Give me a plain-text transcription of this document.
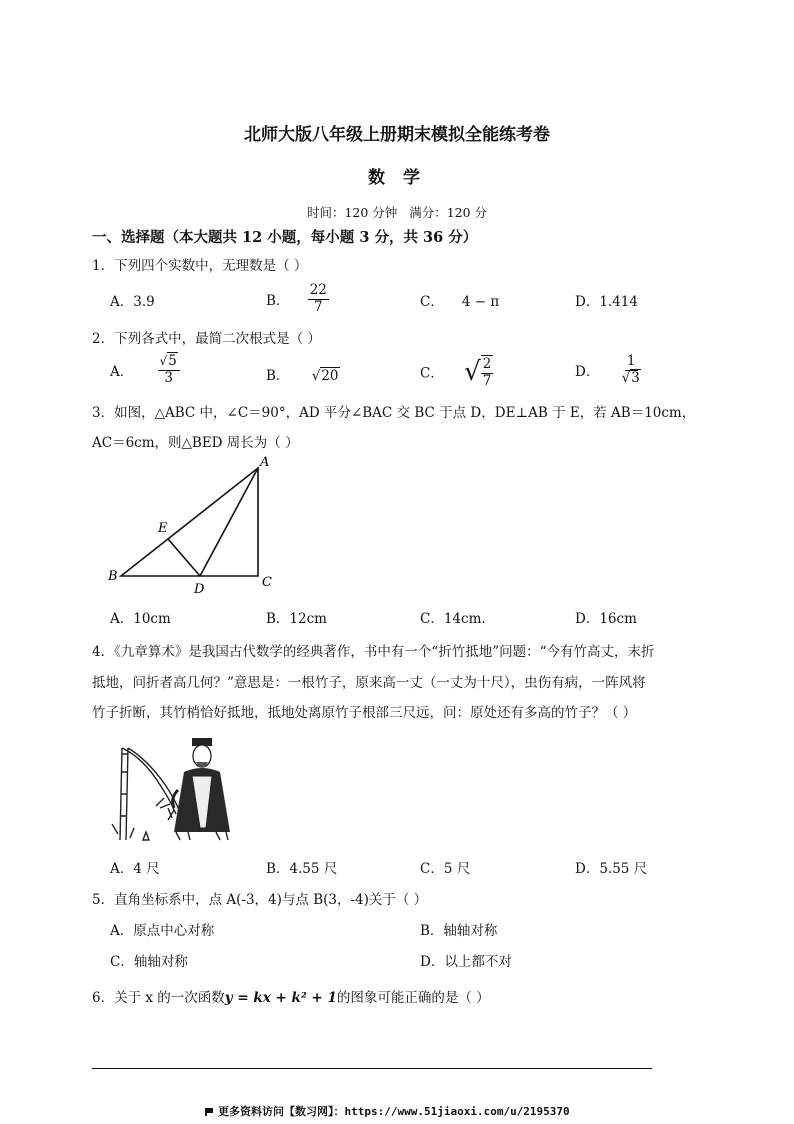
北师大版八年级上册期末模拟全能练考卷
数 学
时间：120 分钟   满分：120 分
一、选择题（本大题共 12 小题，每小题 3 分，共 36 分）
1．下列四个实数中，无理数是（ ）
A．3.9	B． $\frac{22}{7}$	C． 4 − π	D．1.414
2．下列各式中，最简二次根式是（ ）
A． $\frac{√5}{3}$	B． √20	C． √ $\frac{2}{7}$	D． $\frac{1}{√3}$
3．如图，△ABC 中，∠C＝90°，AD 平分∠BAC 交 BC 于点 D，DE⊥AB 于 E，若 AB＝10cm，
AC＝6cm，则△BED 周长为（ ）
A
B	C
D
E
A．10cm	B．12cm	C．14cm.	D．16cm
4．《九章算术》是我国古代数学的经典著作，书中有一个“折竹抵地”问题：“今有竹高丈，末折
抵地，问折者高几何？”意思是：一根竹子，原来高一丈（一丈为十尺），虫伤有病，一阵风将
竹子折断，其竹梢恰好抵地，抵地处离原竹子根部三尺远，问：原处还有多高的竹子？（ ）
A．4 尺	B．4.55 尺	C．5 尺	D．5.55 尺
5．直角坐标系中，点 A(-3，4)与点 B(3，-4)关于（ ）
A．原点中心对称	B．轴轴对称
C．轴轴对称	D．以上都不对
6．关于 x 的一次函数y = kx + k² + 1的图象可能正确的是（ ）
更多资料访问【数习网】：https://www.51jiaoxi.com/u/2195370
